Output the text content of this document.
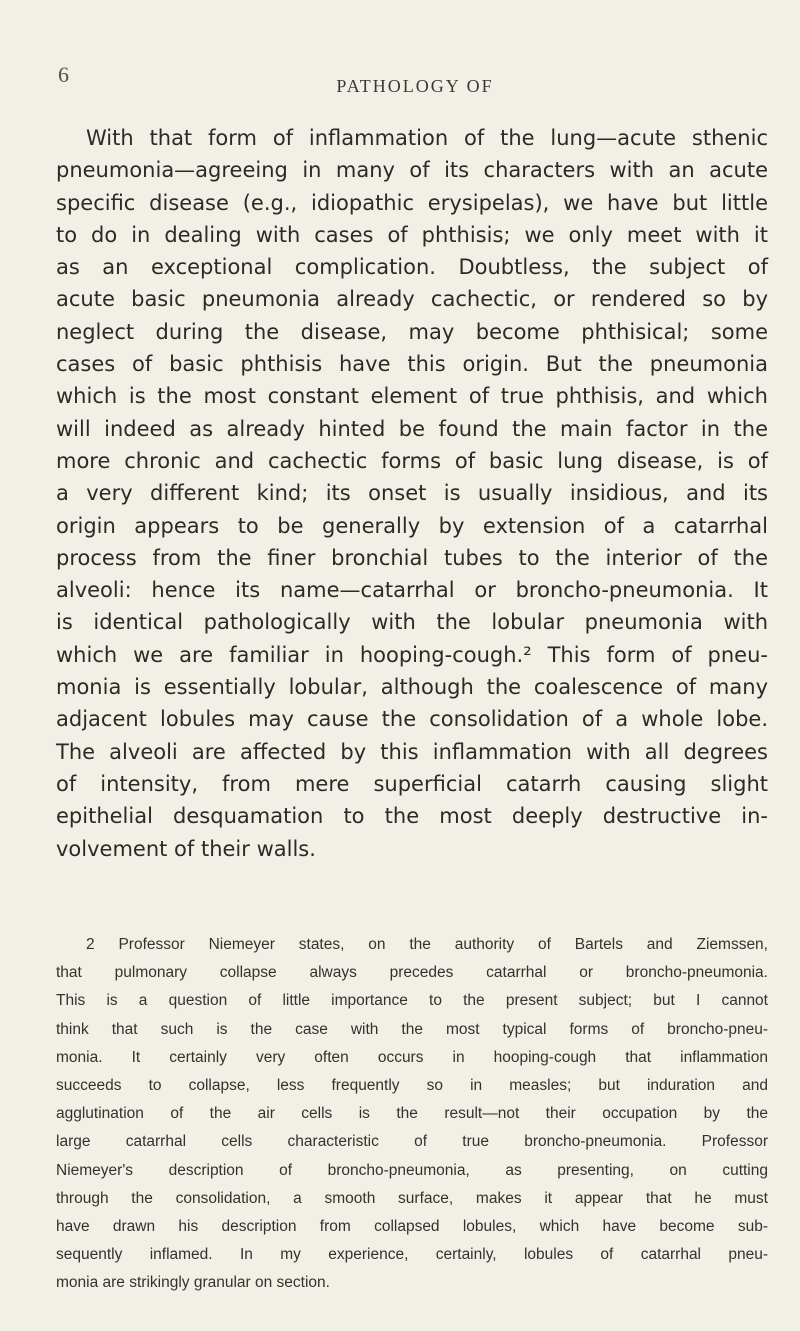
6	PATHOLOGY OF
With that form of inflammation of the lung—acute sthenic
pneumonia—agreeing in many of its characters with an acute
specific disease (e.g., idiopathic erysipelas), we have but little
to do in dealing with cases of phthisis; we only meet with it
as an exceptional complication. Doubtless, the subject of
acute basic pneumonia already cachectic, or rendered so by
neglect during the disease, may become phthisical; some
cases of basic phthisis have this origin. But the pneumonia
which is the most constant element of true phthisis, and which
will indeed as already hinted be found the main factor in the
more chronic and cachectic forms of basic lung disease, is of
a very different kind; its onset is usually insidious, and its
origin appears to be generally by extension of a catarrhal
process from the finer bronchial tubes to the interior of the
alveoli: hence its name—catarrhal or broncho-pneumonia. It
is identical pathologically with the lobular pneumonia with
which we are familiar in hooping-cough.² This form of pneu-
monia is essentially lobular, although the coalescence of many
adjacent lobules may cause the consolidation of a whole lobe.
The alveoli are affected by this inflammation with all degrees
of intensity, from mere superficial catarrh causing slight
epithelial desquamation to the most deeply destructive in-
volvement of their walls.
2 Professor Niemeyer states, on the authority of Bartels and Ziemssen,
that pulmonary collapse always precedes catarrhal or broncho-pneumonia.
This is a question of little importance to the present subject; but I cannot
think that such is the case with the most typical forms of broncho-pneu-
monia. It certainly very often occurs in hooping-cough that inflammation
succeeds to collapse, less frequently so in measles; but induration and
agglutination of the air cells is the result—not their occupation by the
large catarrhal cells characteristic of true broncho-pneumonia. Professor
Niemeyer's description of broncho-pneumonia, as presenting, on cutting
through the consolidation, a smooth surface, makes it appear that he must
have drawn his description from collapsed lobules, which have become sub-
sequently inflamed. In my experience, certainly, lobules of catarrhal pneu-
monia are strikingly granular on section.
